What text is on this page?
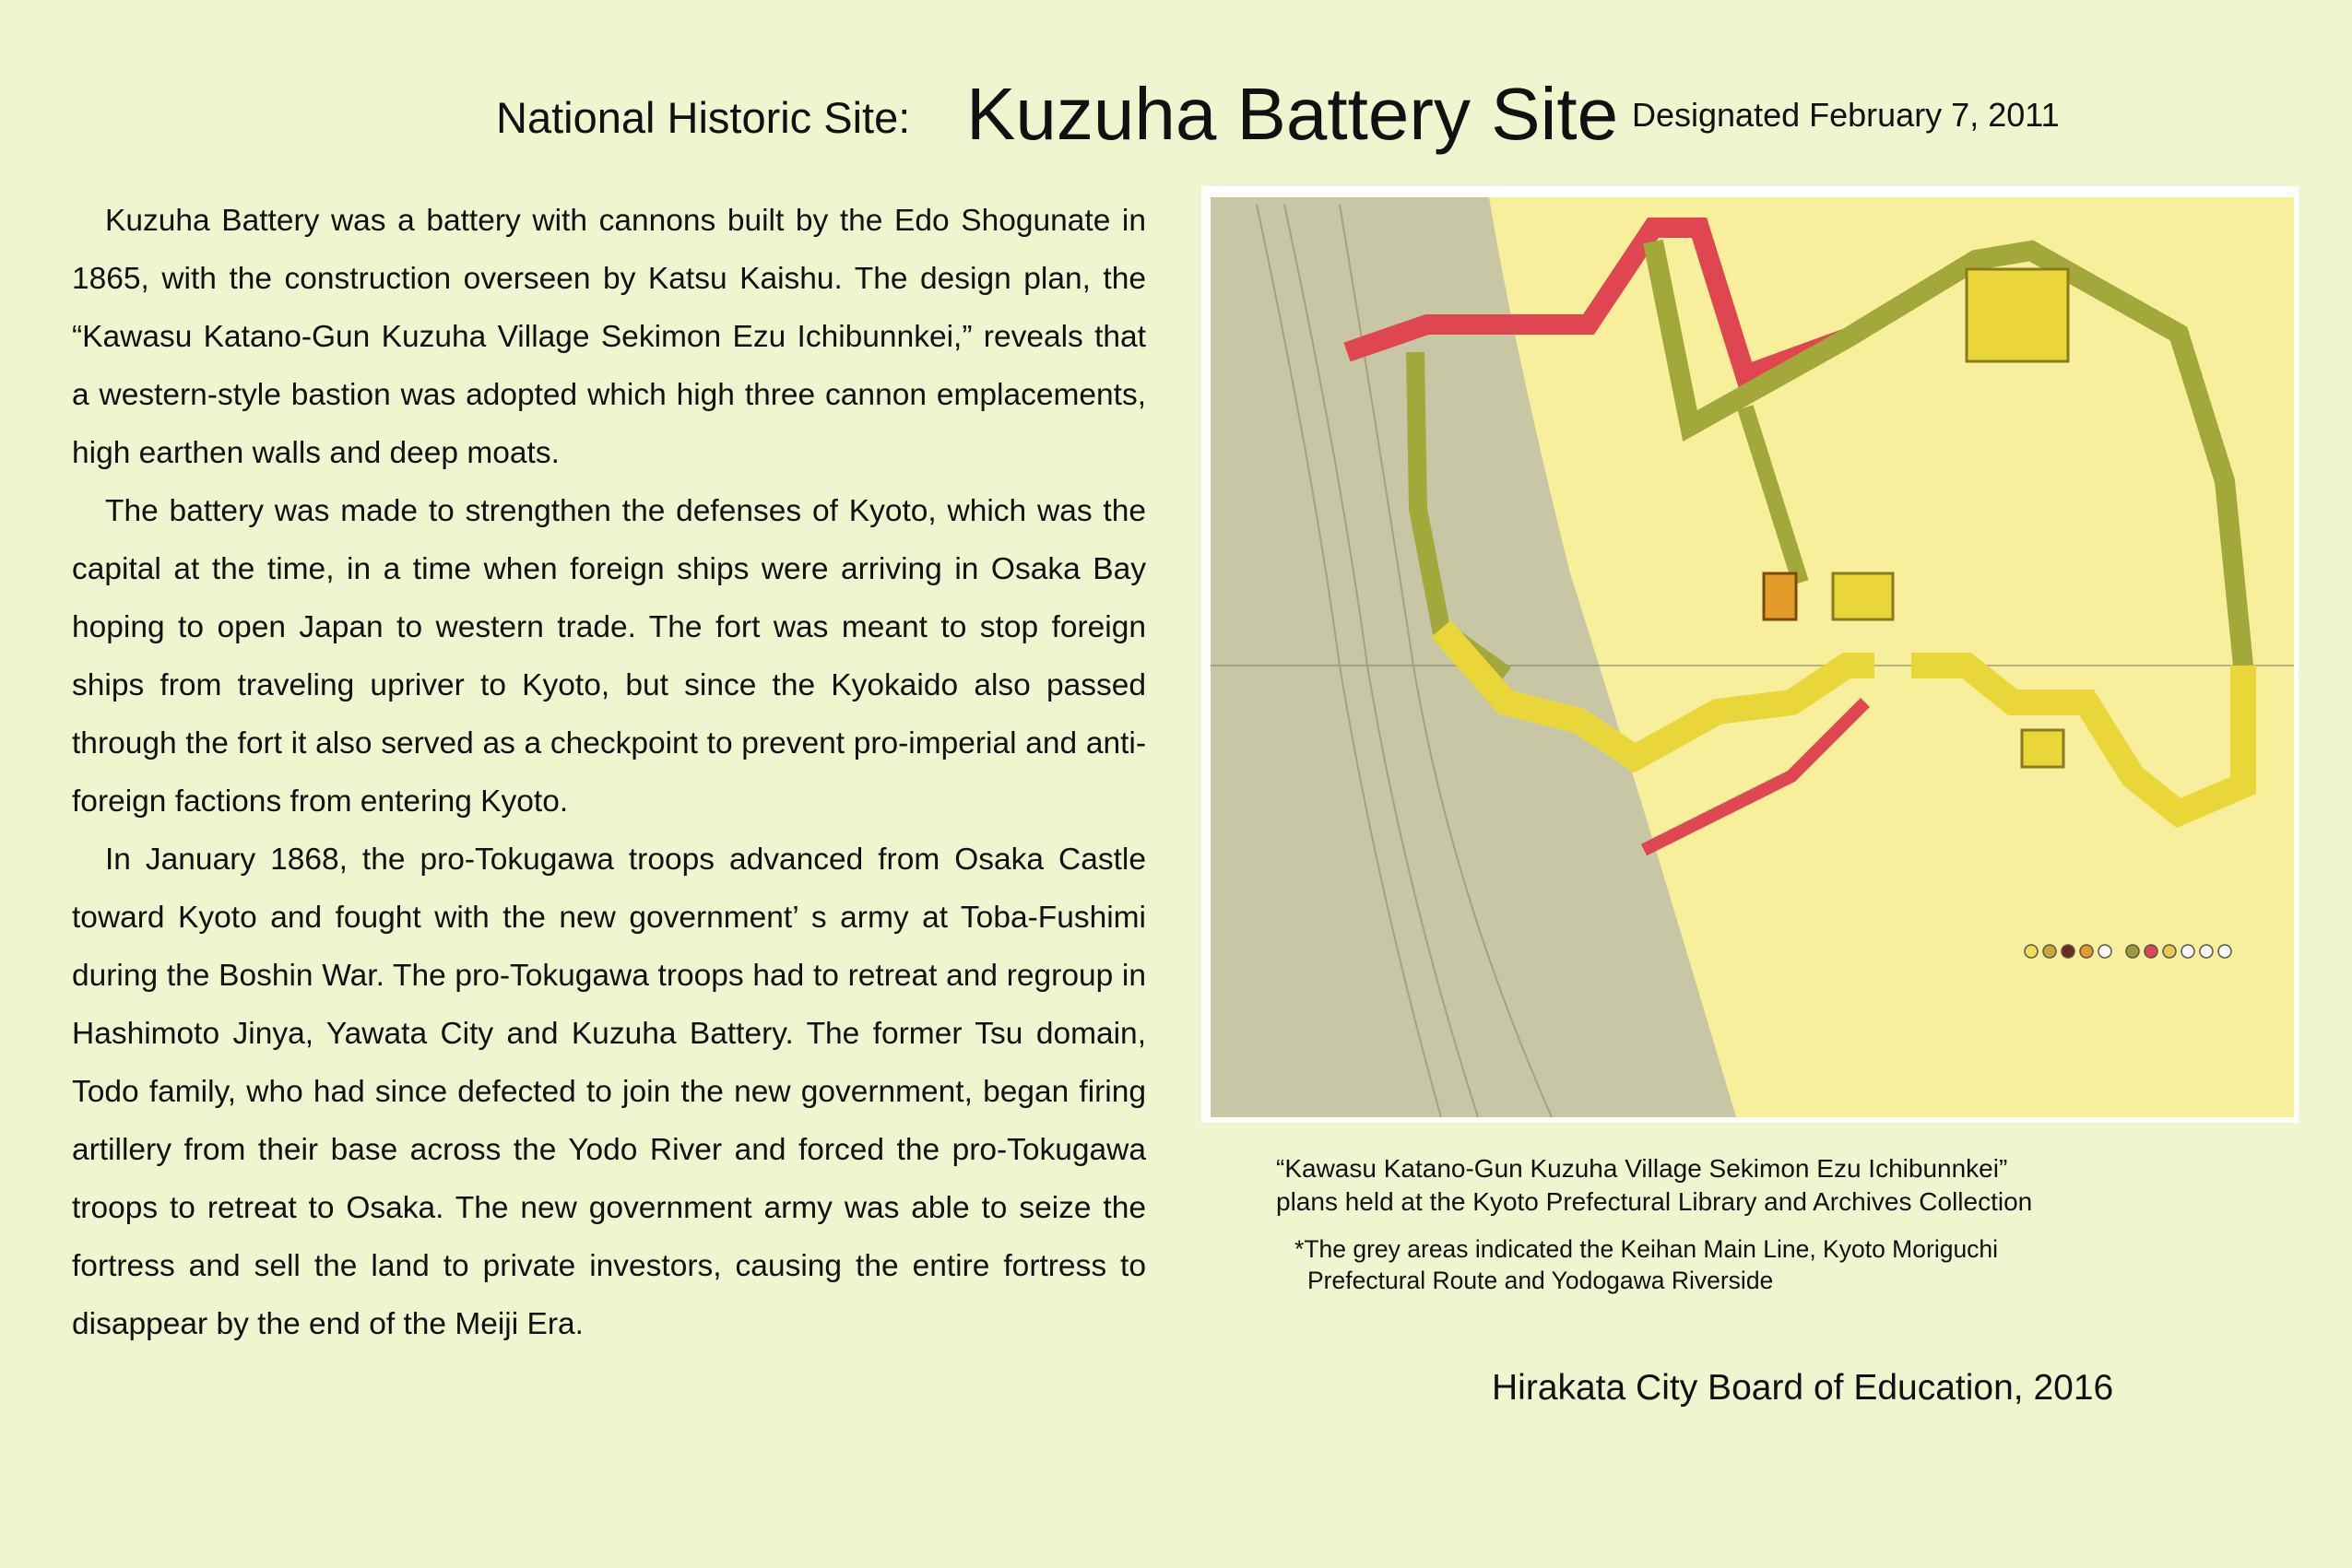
National Historic Site: Kuzuha Battery Site Designated February 7, 2011

Kuzuha Battery was a battery with cannons built by the Edo Shogunate in 1865, with the construction overseen by Katsu Kaishu. The design plan, the “Kawasu Katano-Gun Kuzuha Village Sekimon Ezu Ichibunnkei,” reveals that a western-style bastion was adopted which high three cannon emplacements, high earthen walls and deep moats.

The battery was made to strengthen the defenses of Kyoto, which was the capital at the time, in a time when foreign ships were arriving in Osaka Bay hoping to open Japan to western trade. The fort was meant to stop foreign ships from traveling upriver to Kyoto, but since the Kyokaido also passed through the fort it also served as a checkpoint to prevent pro-imperial and anti-foreign factions from entering Kyoto.

In January 1868, the pro-Tokugawa troops advanced from Osaka Castle toward Kyoto and fought with the new government’ s army at Toba-Fushimi during the Boshin War. The pro-Tokugawa troops had to retreat and regroup in Hashimoto Jinya, Yawata City and Kuzuha Battery. The former Tsu domain, Todo family, who had since defected to join the new government, began firing artillery from their base across the Yodo River and forced the pro-Tokugawa troops to retreat to Osaka. The new government army was able to seize the fortress and sell the land to private investors, causing the entire fortress to disappear by the end of the Meiji Era.

“Kawasu Katano-Gun Kuzuha Village Sekimon Ezu Ichibunnkei”
plans held at the Kyoto Prefectural Library and Archives Collection
*The grey areas indicated the Keihan Main Line, Kyoto Moriguchi
Prefectural Route and Yodogawa Riverside
Hirakata City Board of Education, 2016
